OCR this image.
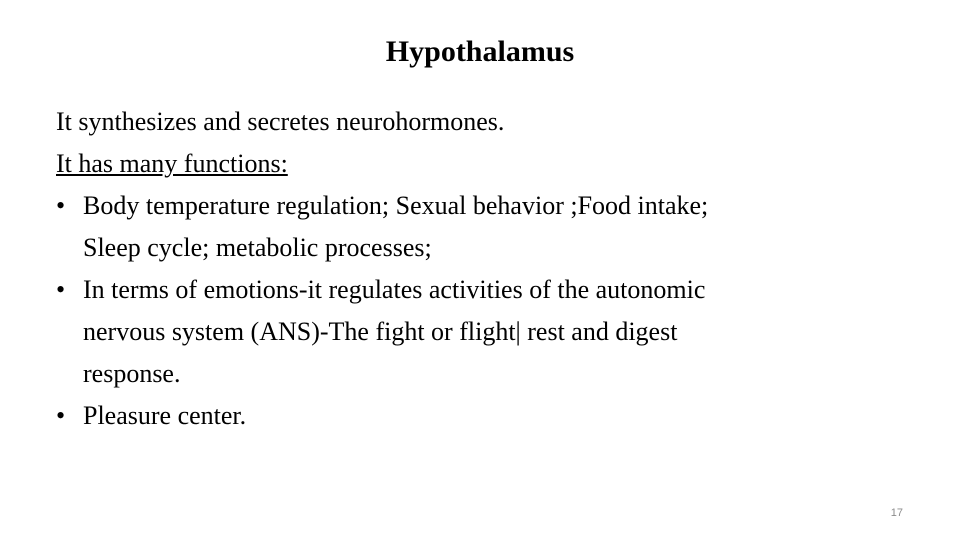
Hypothalamus
It synthesizes and secretes neurohormones.
It has many functions:
• Body temperature regulation; Sexual behavior ;Food intake;
Sleep cycle; metabolic processes;
• In terms of emotions-it regulates activities of the autonomic
nervous system (ANS)-The fight or flight| rest and digest
response.
• Pleasure center.
17
